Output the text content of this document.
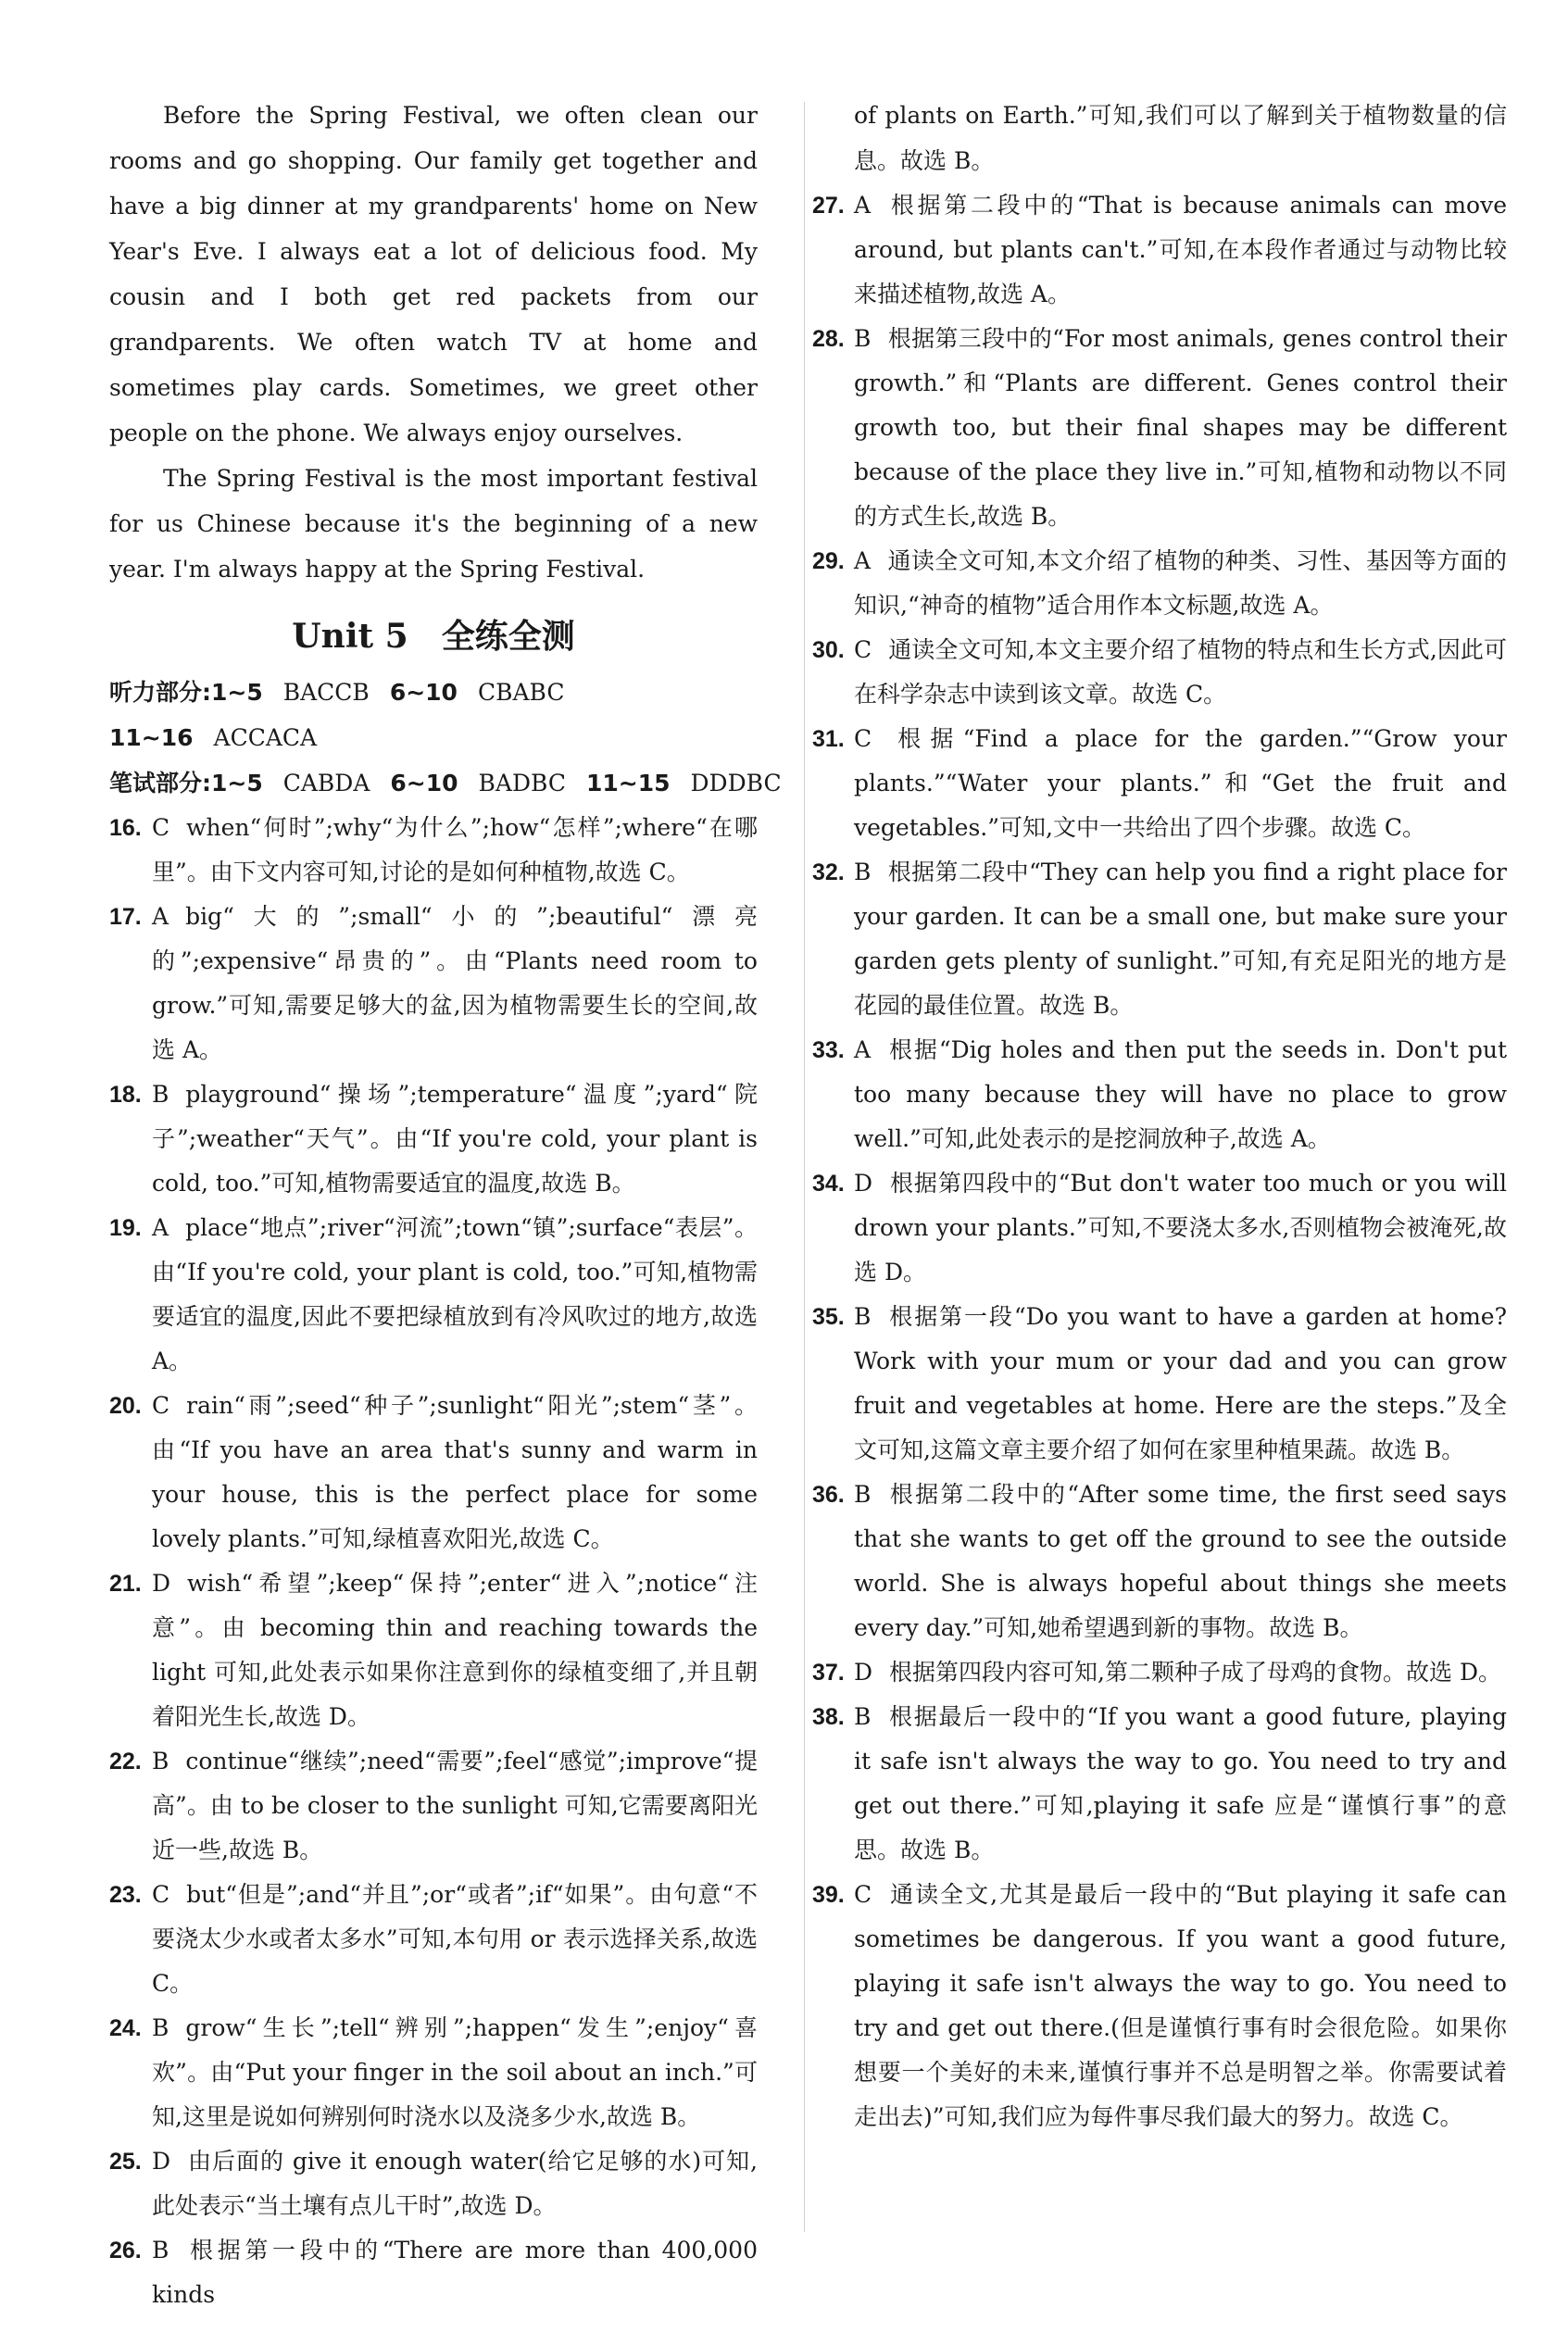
Before the Spring Festival, we often clean our rooms and go shopping. Our family get together and have a big dinner at my grandparents' home on New Year's Eve. I always eat a lot of delicious food. My cousin and I both get red packets from our grandparents. We often watch TV at home and sometimes play cards. Sometimes, we greet other people on the phone. We always enjoy ourselves.

The Spring Festival is the most important festival for us Chinese because it's the beginning of a new year. I'm always happy at the Spring Festival.

Unit 5　全练全测

听力部分:1~5 BACCB 6~10 CBABC

11~16 ACCACA

笔试部分:1~5 CABDA 6~10 BADBC 11~15 DDDBC

16. C when“何时”;why“为什么”;how“怎样”;where“在哪里”。由下文内容可知,讨论的是如何种植物,故选 C。
17. A big“大的”;small“小的”;beautiful“漂亮的”;expensive“昂贵的”。由“Plants need room to grow.”可知,需要足够大的盆,因为植物需要生长的空间,故选 A。
18. B playground“操场”;temperature“温度”;yard“院子”;weather“天气”。由“If you're cold, your plant is cold, too.”可知,植物需要适宜的温度,故选 B。
19. A place“地点”;river“河流”;town“镇”;surface“表层”。由“If you're cold, your plant is cold, too.”可知,植物需要适宜的温度,因此不要把绿植放到有冷风吹过的地方,故选 A。
20. C rain“雨”;seed“种子”;sunlight“阳光”;stem“茎”。由“If you have an area that's sunny and warm in your house, this is the perfect place for some lovely plants.”可知,绿植喜欢阳光,故选 C。
21. D wish“希望”;keep“保持”;enter“进入”;notice“注意”。由 becoming thin and reaching towards the light 可知,此处表示如果你注意到你的绿植变细了,并且朝着阳光生长,故选 D。
22. B continue“继续”;need“需要”;feel“感觉”;improve“提高”。由 to be closer to the sunlight 可知,它需要离阳光近一些,故选 B。
23. C but“但是”;and“并且”;or“或者”;if“如果”。由句意“不要浇太少水或者太多水”可知,本句用 or 表示选择关系,故选 C。
24. B grow“生长”;tell“辨别”;happen“发生”;enjoy“喜欢”。由“Put your finger in the soil about an inch.”可知,这里是说如何辨别何时浇水以及浇多少水,故选 B。
25. D 由后面的 give it enough water(给它足够的水)可知,此处表示“当土壤有点儿干时”,故选 D。
26. B 根据第一段中的“There are more than 400,000 kinds

of plants on Earth.”可知,我们可以了解到关于植物数量的信息。故选 B。

27. A 根据第二段中的“That is because animals can move around, but plants can't.”可知,在本段作者通过与动物比较来描述植物,故选 A。
28. B 根据第三段中的“For most animals, genes control their growth.”和“Plants are different. Genes control their growth too, but their final shapes may be different because of the place they live in.”可知,植物和动物以不同的方式生长,故选 B。
29. A 通读全文可知,本文介绍了植物的种类、习性、基因等方面的知识,“神奇的植物”适合用作本文标题,故选 A。
30. C 通读全文可知,本文主要介绍了植物的特点和生长方式,因此可在科学杂志中读到该文章。故选 C。
31. C 根据“Find a place for the garden.”“Grow your plants.”“Water your plants.”和“Get the fruit and vegetables.”可知,文中一共给出了四个步骤。故选 C。
32. B 根据第二段中“They can help you find a right place for your garden. It can be a small one, but make sure your garden gets plenty of sunlight.”可知,有充足阳光的地方是花园的最佳位置。故选 B。
33. A 根据“Dig holes and then put the seeds in. Don't put too many because they will have no place to grow well.”可知,此处表示的是挖洞放种子,故选 A。
34. D 根据第四段中的“But don't water too much or you will drown your plants.”可知,不要浇太多水,否则植物会被淹死,故选 D。
35. B 根据第一段“Do you want to have a garden at home? Work with your mum or your dad and you can grow fruit and vegetables at home. Here are the steps.”及全文可知,这篇文章主要介绍了如何在家里种植果蔬。故选 B。
36. B 根据第二段中的“After some time, the first seed says that she wants to get off the ground to see the outside world. She is always hopeful about things she meets every day.”可知,她希望遇到新的事物。故选 B。
37. D 根据第四段内容可知,第二颗种子成了母鸡的食物。故选 D。
38. B 根据最后一段中的“If you want a good future, playing it safe isn't always the way to go. You need to try and get out there.”可知,playing it safe 应是“谨慎行事”的意思。故选 B。
39. C 通读全文,尤其是最后一段中的“But playing it safe can sometimes be dangerous. If you want a good future, playing it safe isn't always the way to go. You need to try and get out there.(但是谨慎行事有时会很危险。如果你想要一个美好的未来,谨慎行事并不总是明智之举。你需要试着走出去)”可知,我们应为每件事尽我们最大的努力。故选 C。
